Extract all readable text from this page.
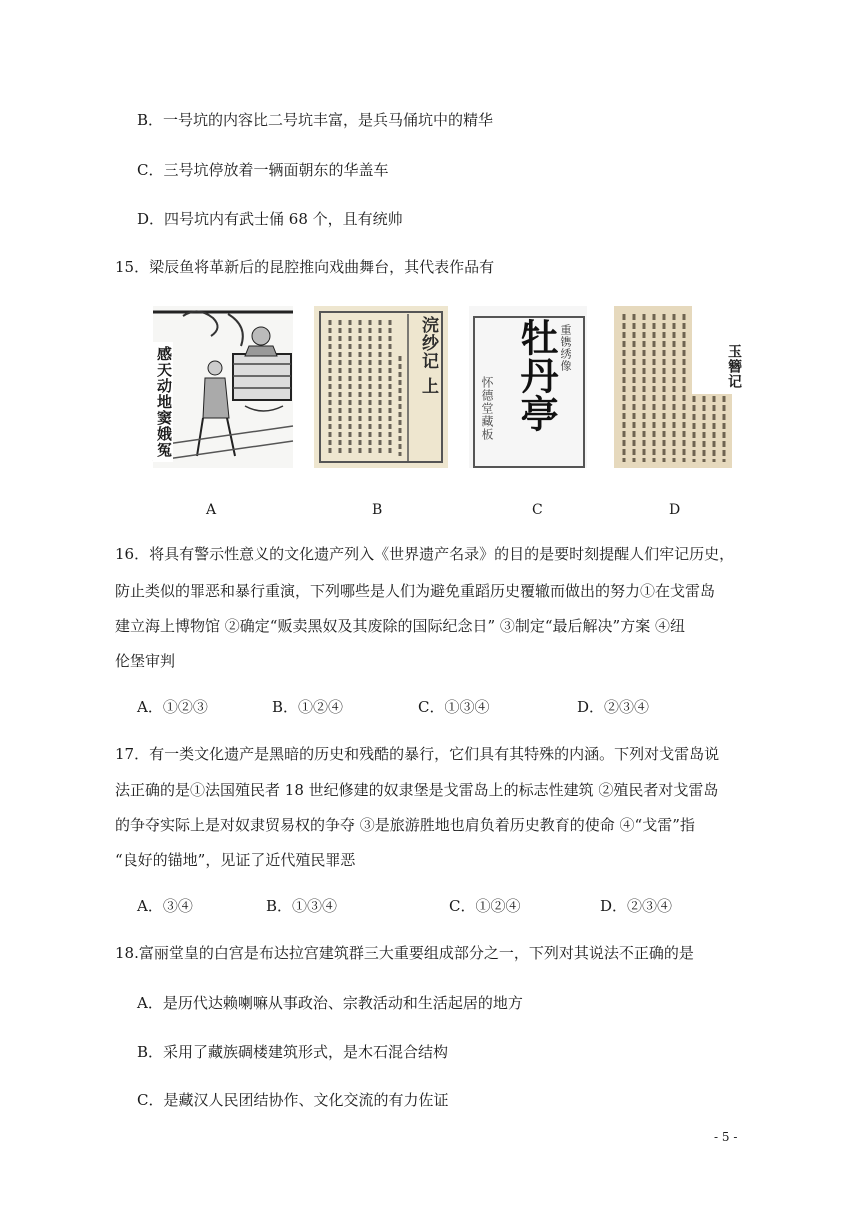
B．一号坑的内容比二号坑丰富，是兵马俑坑中的精华
C．三号坑停放着一辆面朝东的华盖车
D．四号坑内有武士俑 68 个，且有统帅
15．梁辰鱼将革新后的昆腔推向戏曲舞台，其代表作品有
感天动地窦娥冤	浣纱记 上 牡丹亭 重镌绣像
怀德堂藏板
玉簪记
A	B	C	D
16．将具有警示性意义的文化遗产列入《世界遗产名录》的目的是要时刻提醒人们牢记历史，
防止类似的罪恶和暴行重演，下列哪些是人们为避免重蹈历史覆辙而做出的努力①在戈雷岛
建立海上博物馆 ②确定“贩卖黑奴及其废除的国际纪念日” ③制定“最后解决”方案 ④纽
伦堡审判
A．①②③	B．①②④	C．①③④	D．②③④
17．有一类文化遗产是黑暗的历史和残酷的暴行，它们具有其特殊的内涵。下列对戈雷岛说
法正确的是①法国殖民者 18 世纪修建的奴隶堡是戈雷岛上的标志性建筑 ②殖民者对戈雷岛
的争夺实际上是对奴隶贸易权的争夺 ③是旅游胜地也肩负着历史教育的使命 ④“戈雷”指
“良好的锚地”，见证了近代殖民罪恶
A．③④	B．①③④	C．①②④	D．②③④
18.富丽堂皇的白宫是布达拉宫建筑群三大重要组成部分之一，下列对其说法不正确的是
A．是历代达赖喇嘛从事政治、宗教活动和生活起居的地方
B．采用了藏族碉楼建筑形式，是木石混合结构
C．是藏汉人民团结协作、文化交流的有力佐证
- 5 -
